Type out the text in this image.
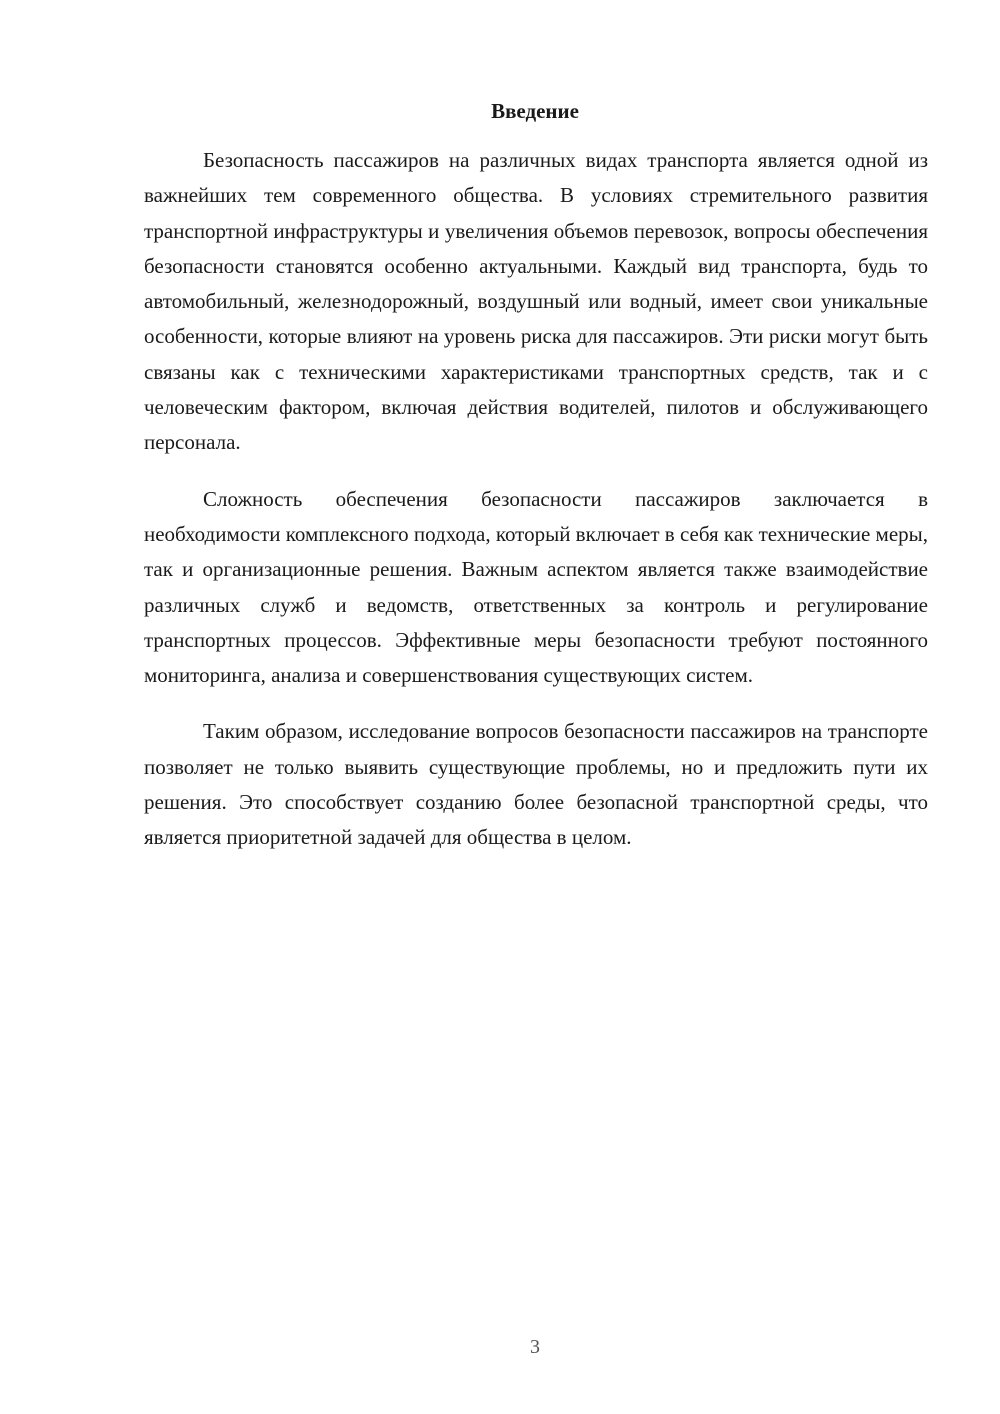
Введение

Безопасность пассажиров на различных видах транспорта является одной из важнейших тем современного общества. В условиях стремительного развития транспортной инфраструктуры и увеличения объемов перевозок, вопросы обеспечения безопасности становятся особенно актуальными. Каждый вид транспорта, будь то автомобильный, железнодорожный, воздушный или водный, имеет свои уникальные особенности, которые влияют на уровень риска для пассажиров. Эти риски могут быть связаны как с техническими характеристиками транспортных средств, так и с человеческим фактором, включая действия водителей, пилотов и обслуживающего персонала.

Сложность обеспечения безопасности пассажиров заключается в необходимости комплексного подхода, который включает в себя как технические меры, так и организационные решения. Важным аспектом является также взаимодействие различных служб и ведомств, ответственных за контроль и регулирование транспортных процессов. Эффективные меры безопасности требуют постоянного мониторинга, анализа и совершенствования существующих систем.

Таким образом, исследование вопросов безопасности пассажиров на транспорте позволяет не только выявить существующие проблемы, но и предложить пути их решения. Это способствует созданию более безопасной транспортной среды, что является приоритетной задачей для общества в целом.

3
